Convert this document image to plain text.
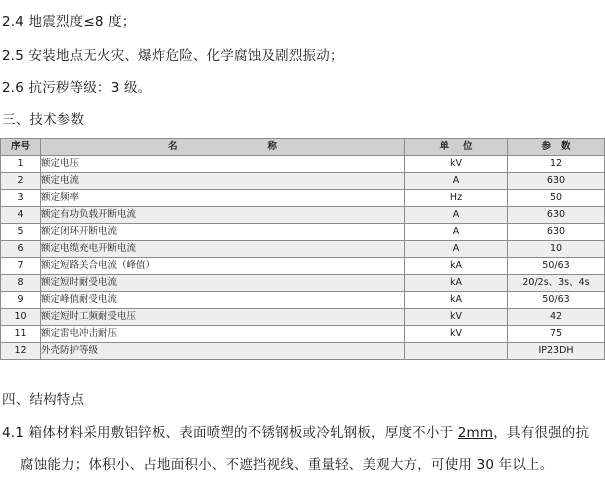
2.4 地震烈度≤8 度；
2.5 安装地点无火灾、爆炸危险、化学腐蚀及剧烈振动；
2.6 抗污秽等级：3 级。
三、技术参数
序号	名 称	单 位	参 数
1	额定电压	kV	12
2	额定电流	A	630
3	额定频率	Hz	50
4	额定有功负载开断电流	A	630
5	额定闭环开断电流	A	630
6	额定电缆充电开断电流	A	10
7	额定短路关合电流（峰值）	kA	50/63
8	额定短时耐受电流	kA	20/2s、3s、4s
9	额定峰值耐受电流	kA	50/63
10	额定短时工频耐受电压	kV	42
11	额定雷电冲击耐压	kV	75
12	外壳防护等级		IP23DH
四、结构特点
4.1 箱体材料采用敷铝锌板、表面喷塑的不锈钢板或冷轧钢板，厚度不小于 2mm，具有很强的抗
腐蚀能力；体积小、占地面积小、不遮挡视线、重量轻、美观大方，可使用 30 年以上。
